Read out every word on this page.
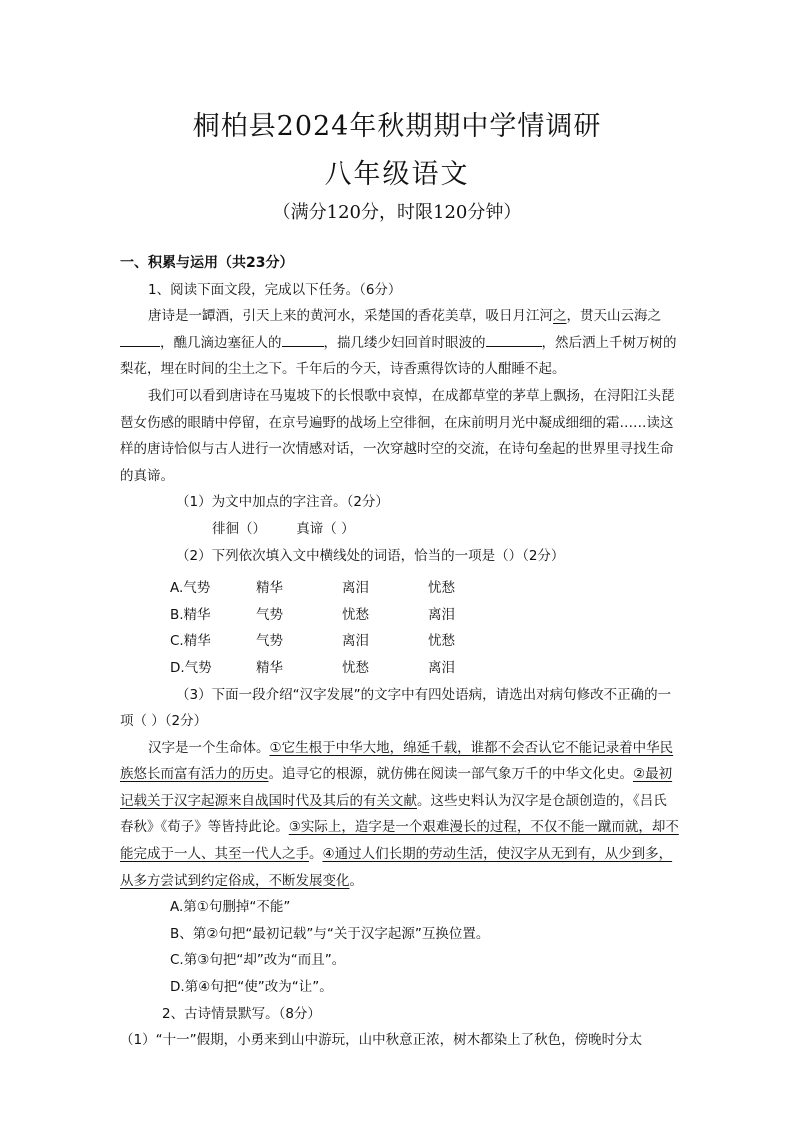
桐柏县2024年秋期期中学情调研
八年级语文
（满分120分，时限120分钟）

一、积累与运用（共23分）

1、阅读下面文段，完成以下任务。（6分）

唐诗是一罈酒，引天上来的黄河水，采楚国的香花美草，吸日月江河之，贯天山云海之，醮几滴边塞征人的	，揣几缕少妇回首时眼波的	，然后洒上千树万树的梨花，埋在时间的尘土之下。千年后的今天，诗香熏得饮诗的人酣睡不起。

我们可以看到唐诗在马嵬坡下的长恨歌中哀悼，在成都草堂的茅草上飘扬，在浔阳江头琵琶女伤感的眼睛中停留，在京号遍野的战场上空徘徊，在床前明月光中凝成细细的霜……读这样的唐诗恰似与古人进行一次情感对话，一次穿越时空的交流，在诗句垒起的世界里寻找生命的真谛。

（1）为文中加点的字注音。（2分）

徘徊（） 真谛（ ）

（2）下列依次填入文中横线处的词语，恰当的一项是（）（2分）

A.气势	精华	离泪	忧愁

B.精华	气势	忧愁	离泪

C.精华	气势	离泪	忧愁

D.气势	精华	忧愁	离泪

（3）下面一段介绍“汉字发展”的文字中有四处语病，请选出对病句修改不正确的一

项（ ）（2分）

汉字是一个生命体。①它生根于中华大地，绵延千载，谁都不会否认它不能记录着中华民族悠长而富有活力的历史。追寻它的根源，就仿佛在阅读一部气象万千的中华文化史。②最初记载关于汉字起源来自战国时代及其后的有关文献。这些史料认为汉字是仓颉创造的，《吕氏春秋》《荀子》等皆持此论。③实际上，造字是一个艰难漫长的过程，不仅不能一蹴而就，却不能完成于一人、其至一代人之手。④通过人们长期的劳动生活，使汉字从无到有，从少到多，从多方尝试到约定俗成，不断发展变化。

A.第①句删掉“不能”

B、第②句把“最初记载”与“关于汉字起源”互换位置。

C.第③句把“却”改为“而且”。

D.第④句把“使”改为“让”。

2、古诗情景默写。（8分）

（1）“十一”假期，小勇来到山中游玩，山中秋意正浓，树木都染上了秋色，傍晚时分太
